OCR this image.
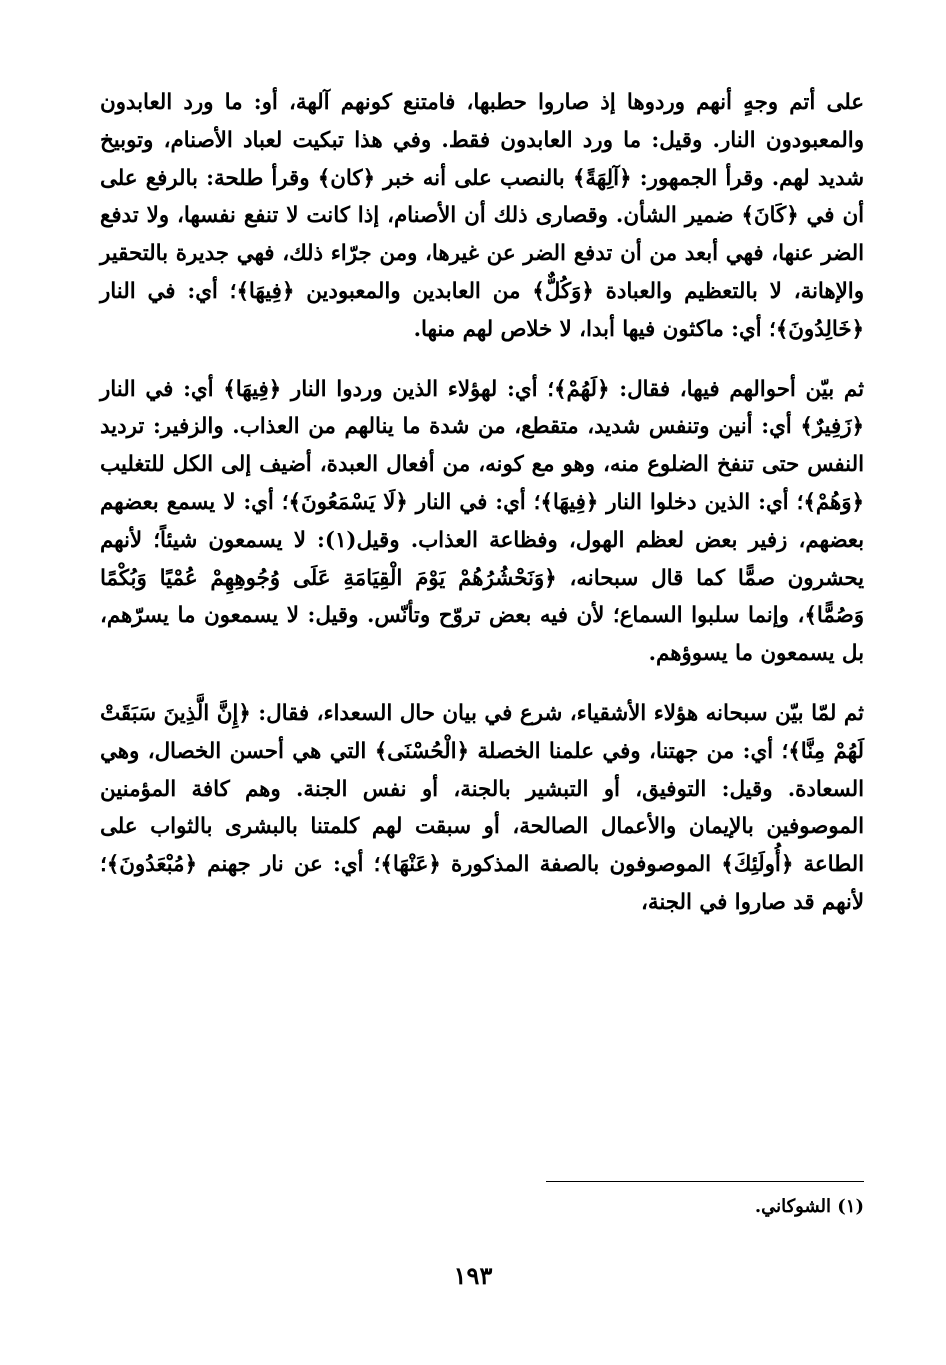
على أتم وجهٍ أنهم وردوها إذ صاروا حطبها، فامتنع كونهم آلهة، أو: ما ورد العابدون والمعبودون النار. وقيل: ما ورد العابدون فقط. وفي هذا تبكيت لعباد الأصنام، وتوبيخ شديد لهم. وقرأ الجمهور: ﴿آلِهَةً﴾ بالنصب على أنه خبر ﴿كان﴾ وقرأ طلحة: بالرفع على أن في ﴿كَانَ﴾ ضمير الشأن. وقصارى ذلك أن الأصنام، إذا كانت لا تنفع نفسها، ولا تدفع الضر عنها، فهي أبعد من أن تدفع الضر عن غيرها، ومن جرّاء ذلك، فهي جديرة بالتحقير والإهانة، لا بالتعظيم والعبادة ﴿وَكُلٌّ﴾ من العابدين والمعبودين ﴿فِيهَا﴾؛ أي: في النار ﴿خَالِدُونَ﴾؛ أي: ماكثون فيها أبدا، لا خلاص لهم منها.

ثم بيّن أحوالهم فيها، فقال: ﴿لَهُمْ﴾؛ أي: لهؤلاء الذين وردوا النار ﴿فِيهَا﴾ أي: في النار ﴿زَفِيرٌ﴾ أي: أنين وتنفس شديد، متقطع، من شدة ما ينالهم من العذاب. والزفير: ترديد النفس حتى تنفخ الضلوع منه، وهو مع كونه، من أفعال العبدة، أضيف إلى الكل للتغليب ﴿وَهُمْ﴾؛ أي: الذين دخلوا النار ﴿فِيهَا﴾؛ أي: في النار ﴿لَا يَسْمَعُونَ﴾؛ أي: لا يسمع بعضهم بعضهم، زفير بعض لعظم الهول، وفظاعة العذاب. وقيل(١): لا يسمعون شيئاً؛ لأنهم يحشرون صمًّا كما قال سبحانه، ﴿وَنَحْشُرُهُمْ يَوْمَ الْقِيَامَةِ عَلَى وُجُوهِهِمْ عُمْيًا وَبُكْمًا وَصُمًّا﴾، وإنما سلبوا السماع؛ لأن فيه بعض تروّح وتأنّس. وقيل: لا يسمعون ما يسرّهم، بل يسمعون ما يسوؤهم.

ثم لمّا بيّن سبحانه هؤلاء الأشقياء، شرع في بيان حال السعداء، فقال: ﴿إِنَّ الَّذِينَ سَبَقَتْ لَهُمْ مِنَّا﴾؛ أي: من جهتنا، وفي علمنا الخصلة ﴿الْحُسْنَى﴾ التي هي أحسن الخصال، وهي السعادة. وقيل: التوفيق، أو التبشير بالجنة، أو نفس الجنة. وهم كافة المؤمنين الموصوفين بالإيمان والأعمال الصالحة، أو سبقت لهم كلمتنا بالبشرى بالثواب على الطاعة ﴿أُولَئِكَ﴾ الموصوفون بالصفة المذكورة ﴿عَنْهَا﴾؛ أي: عن نار جهنم ﴿مُبْعَدُونَ﴾؛ لأنهم قد صاروا في الجنة،

(١) الشوكاني.
١٩٣
